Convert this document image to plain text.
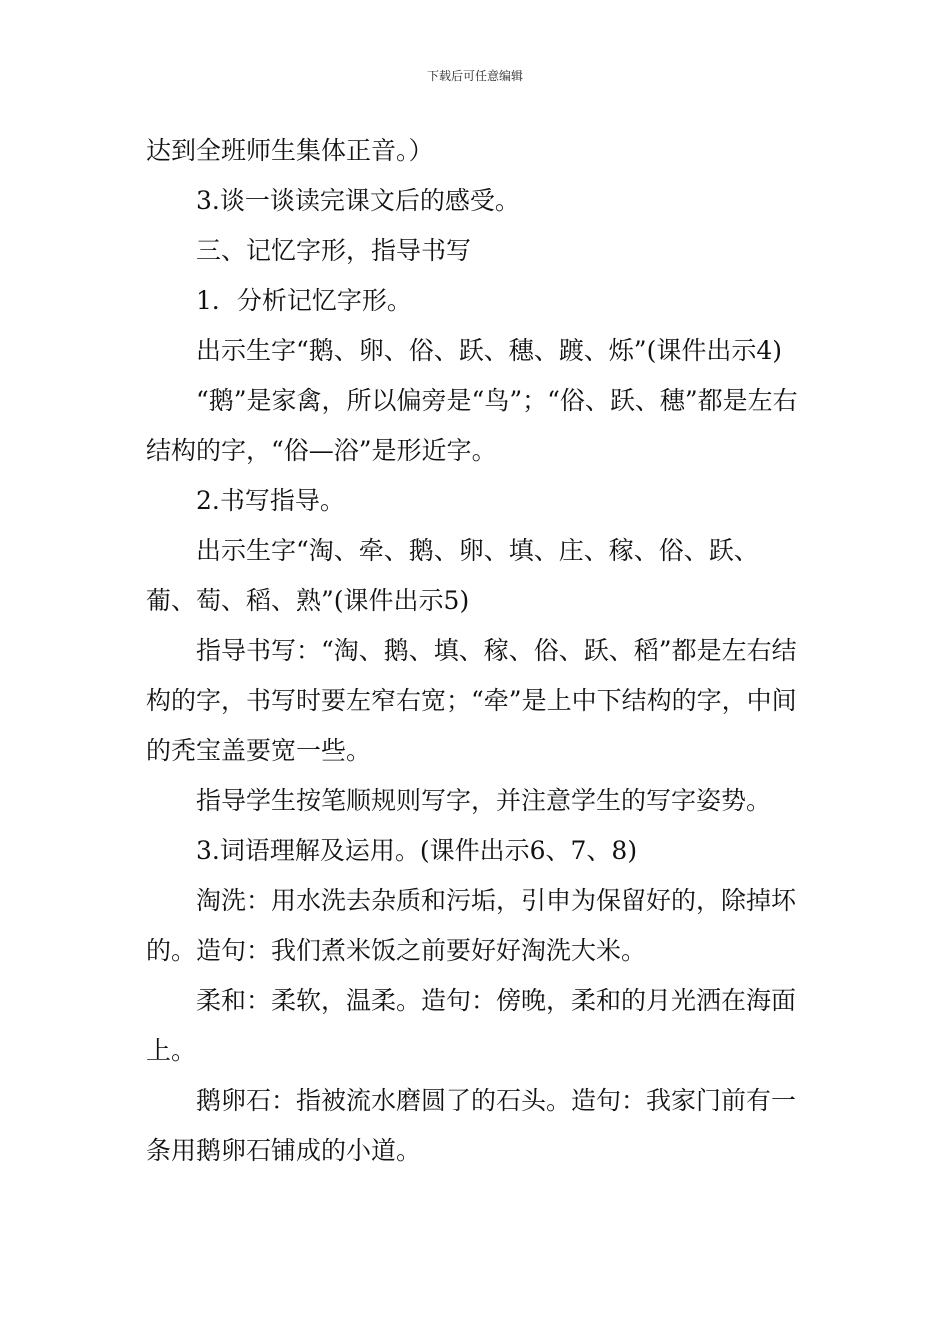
下载后可任意编辑

达到全班师生集体正音。）

3.谈一谈读完课文后的感受。

三、记忆字形，指导书写

1．分析记忆字形。

出示生字“鹅、卵、俗、跃、穗、踱、烁”(课件出示4)

“鹅”是家禽，所以偏旁是“鸟”；“俗、跃、穗”都是左右结构的字，“俗—浴”是形近字。

2.书写指导。

出示生字“淘、牵、鹅、卵、填、庄、稼、俗、跃、葡、萄、稻、熟”(课件出示5)

指导书写：“淘、鹅、填、稼、俗、跃、稻”都是左右结构的字，书写时要左窄右宽；“牵”是上中下结构的字，中间的秃宝盖要宽一些。

指导学生按笔顺规则写字，并注意学生的写字姿势。

3.词语理解及运用。(课件出示6、7、8)

淘洗：用水洗去杂质和污垢，引申为保留好的，除掉坏的。造句：我们煮米饭之前要好好淘洗大米。

柔和：柔软，温柔。造句：傍晚，柔和的月光洒在海面上。

鹅卵石：指被流水磨圆了的石头。造句：我家门前有一条用鹅卵石铺成的小道。
